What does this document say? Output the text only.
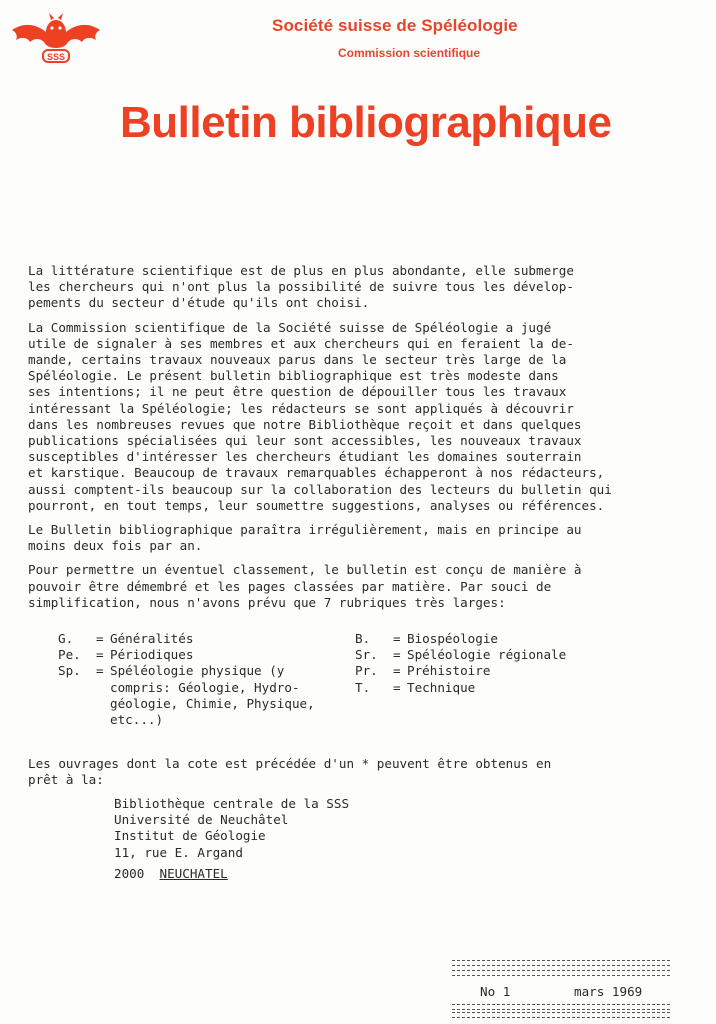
SSS
Société suisse de Spéléologie
Commission scientifique
Bulletin bibliographique

La littérature scientifique est de plus en plus abondante, elle submerge
les chercheurs qui n'ont plus la possibilité de suivre tous les dévelop-
pements du secteur d'étude qu'ils ont choisi.

La Commission scientifique de la Société suisse de Spéléologie a jugé
utile de signaler à ses membres et aux chercheurs qui en feraient la de-
mande, certains travaux nouveaux parus dans le secteur très large de la
Spéléologie. Le présent bulletin bibliographique est très modeste dans
ses intentions; il ne peut être question de dépouiller tous les travaux
intéressant la Spéléologie; les rédacteurs se sont appliqués à découvrir
dans les nombreuses revues que notre Bibliothèque reçoit et dans quelques
publications spécialisées qui leur sont accessibles, les nouveaux travaux
susceptibles d'intéresser les chercheurs étudiant les domaines souterrain
et karstique. Beaucoup de travaux remarquables échapperont à nos rédacteurs,
aussi comptent-ils beaucoup sur la collaboration des lecteurs du bulletin qui
pourront, en tout temps, leur soumettre suggestions, analyses ou références.

Le Bulletin bibliographique paraîtra irrégulièrement, mais en principe au
moins deux fois par an.

Pour permettre un éventuel classement, le bulletin est conçu de manière à
pouvoir être démembré et les pages classées par matière. Par souci de
simplification, nous n'avons prévu que 7 rubriques très larges:

G.	= Généralités
Pe.	= Périodiques
Sp.	= Spéléologie physique (y
compris: Géologie, Hydro-
géologie, Chimie, Physique,
etc...)
B.	= Biospéologie
Sr.	= Spéléologie régionale
Pr.	= Préhistoire
T.	= Technique
Les ouvrages dont la cote est précédée d'un * peuvent être obtenus en
prêt à la:
Bibliothèque centrale de la SSS
Université de Neuchâtel
Institut de Géologie
11, rue E. Argand
2000 NEUCHATEL
No 1	mars 1969
